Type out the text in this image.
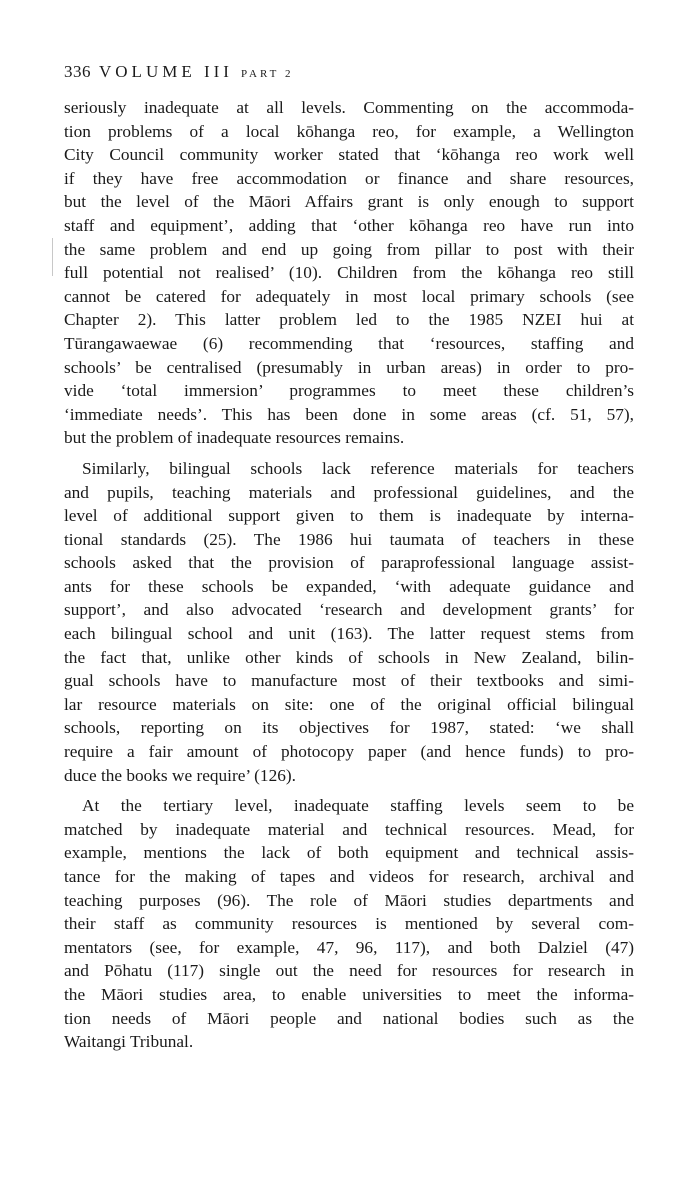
336 VOLUME III PART 2
seriously inadequate at all levels. Commenting on the accommoda-
tion problems of a local kōhanga reo, for example, a Wellington
City Council community worker stated that ‘kōhanga reo work well
if they have free accommodation or finance and share resources,
but the level of the Māori Affairs grant is only enough to support
staff and equipment’, adding that ‘other kōhanga reo have run into
the same problem and end up going from pillar to post with their
full potential not realised’ (10). Children from the kōhanga reo still
cannot be catered for adequately in most local primary schools (see
Chapter 2). This latter problem led to the 1985 NZEI hui at
Tūrangawaewae (6) recommending that ‘resources, staffing and
schools’ be centralised (presumably in urban areas) in order to pro-
vide ‘total immersion’ programmes to meet these children’s
‘immediate needs’. This has been done in some areas (cf. 51, 57),
but the problem of inadequate resources remains.
Similarly, bilingual schools lack reference materials for teachers
and pupils, teaching materials and professional guidelines, and the
level of additional support given to them is inadequate by interna-
tional standards (25). The 1986 hui taumata of teachers in these
schools asked that the provision of paraprofessional language assist-
ants for these schools be expanded, ‘with adequate guidance and
support’, and also advocated ‘research and development grants’ for
each bilingual school and unit (163). The latter request stems from
the fact that, unlike other kinds of schools in New Zealand, bilin-
gual schools have to manufacture most of their textbooks and simi-
lar resource materials on site: one of the original official bilingual
schools, reporting on its objectives for 1987, stated: ‘we shall
require a fair amount of photocopy paper (and hence funds) to pro-
duce the books we require’ (126).
At the tertiary level, inadequate staffing levels seem to be
matched by inadequate material and technical resources. Mead, for
example, mentions the lack of both equipment and technical assis-
tance for the making of tapes and videos for research, archival and
teaching purposes (96). The role of Māori studies departments and
their staff as community resources is mentioned by several com-
mentators (see, for example, 47, 96, 117), and both Dalziel (47)
and Pōhatu (117) single out the need for resources for research in
the Māori studies area, to enable universities to meet the informa-
tion needs of Māori people and national bodies such as the
Waitangi Tribunal.
